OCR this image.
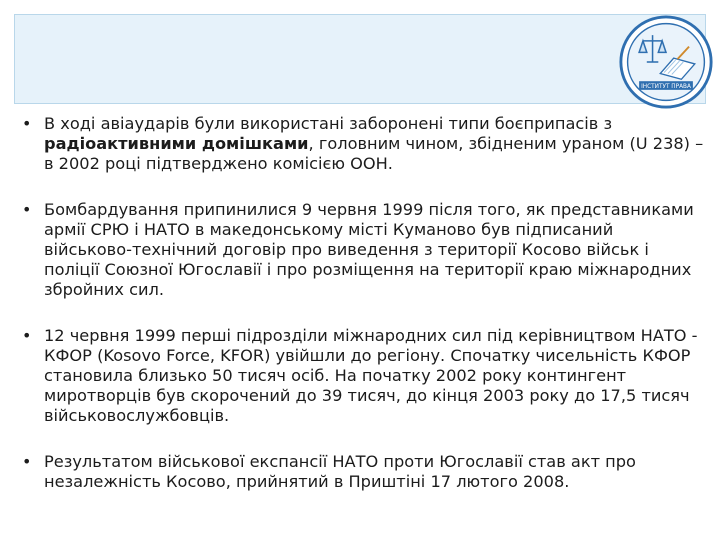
ІНСТИТУТ ПРАВА
• В ході авіаударів були використані заборонені типи боєприпасів з радіоактивними домішками, головним чином, збідненим ураном (U 238) – в 2002 році підтверджено комісією ООН.
• Бомбардування припинилися 9 червня 1999 після того, як представниками армії СРЮ і НАТО в македонському місті Куманово був підписаний військово-технічний договір про виведення з території Косово військ і поліції Союзної Югославії і про розміщення на території краю міжнародних збройних сил.
• 12 червня 1999 перші підрозділи міжнародних сил під керівництвом НАТО - КФОР (Kosovo Force, KFOR) увійшли до регіону. Спочатку чисельність КФОР становила близько 50 тисяч осіб. На початку 2002 року контингент миротворців був скорочений до 39 тисяч, до кінця 2003 року до 17,5 тисяч військовослужбовців.
• Результатом військової експансії НАТО проти Югославії став акт про незалежність Косово, прийнятий в Приштіні 17 лютого 2008.
